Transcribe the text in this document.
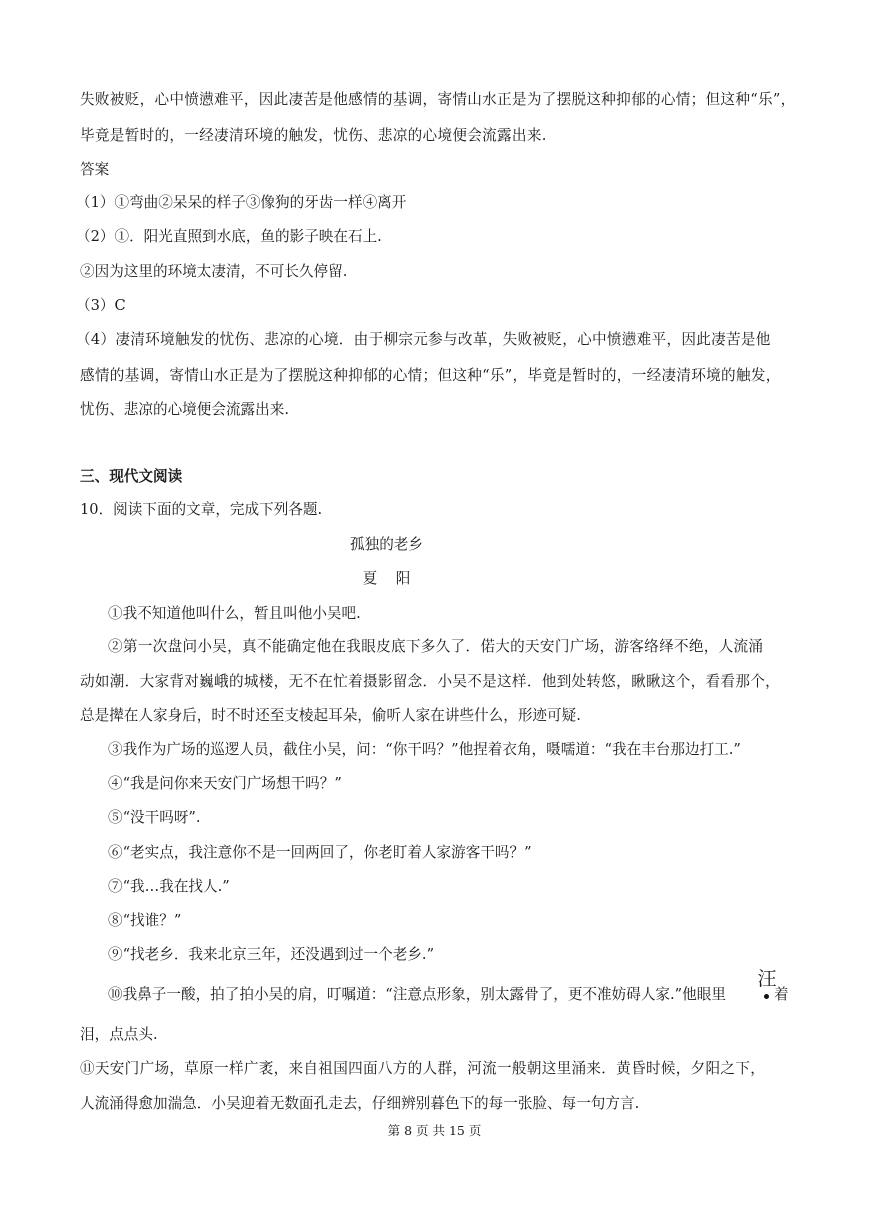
失败被贬，心中愤懑难平，因此凄苦是他感情的基调，寄情山水正是为了摆脱这种抑郁的心情；但这种“乐”，
毕竟是暂时的，一经凄清环境的触发，忧伤、悲凉的心境便会流露出来.
答案
（1）①弯曲②呆呆的样子③像狗的牙齿一样④离开
（2）①．阳光直照到水底，鱼的影子映在石上.
②因为这里的环境太凄清，不可长久停留.
（3）C
（4）凄清环境触发的忧伤、悲凉的心境．由于柳宗元参与改革，失败被贬，心中愤懑难平，因此凄苦是他
感情的基调，寄情山水正是为了摆脱这种抑郁的心情；但这种“乐”，毕竟是暂时的，一经凄清环境的触发，
忧伤、悲凉的心境便会流露出来.
三、现代文阅读
10．阅读下面的文章，完成下列各题.
孤独的老乡
夏    阳
①我不知道他叫什么，暂且叫他小吴吧.
②第一次盘问小吴，真不能确定他在我眼皮底下多久了．偌大的天安门广场，游客络绎不绝，人流涌
动如潮．大家背对巍峨的城楼，无不在忙着摄影留念．小吴不是这样．他到处转悠，瞅瞅这个，看看那个，
总是撵在人家身后，时不时还至支棱起耳朵，偷听人家在讲些什么，形迹可疑.
③我作为广场的巡逻人员，截住小吴，问：“你干吗？”他捏着衣角，嗫嚅道：“我在丰台那边打工.”
④“我是问你来天安门广场想干吗？”
⑤“没干吗呀”.
⑥“老实点，我注意你不是一回两回了，你老盯着人家游客干吗？”
⑦“我…我在找人.”
⑧“找谁？”
⑨“找老乡．我来北京三年，还没遇到过一个老乡.”
⑩我鼻子一酸，拍了拍小吴的肩，叮嘱道：“注意点形象，别太露骨了，更不准妨碍人家.”他眼里	着
汪
泪，点点头.
⑪天安门广场，草原一样广袤，来自祖国四面八方的人群，河流一般朝这里涌来．黄昏时候，夕阳之下，
人流涌得愈加湍急．小吴迎着无数面孔走去，仔细辨别暮色下的每一张脸、每一句方言.
第 8 页 共 15 页
